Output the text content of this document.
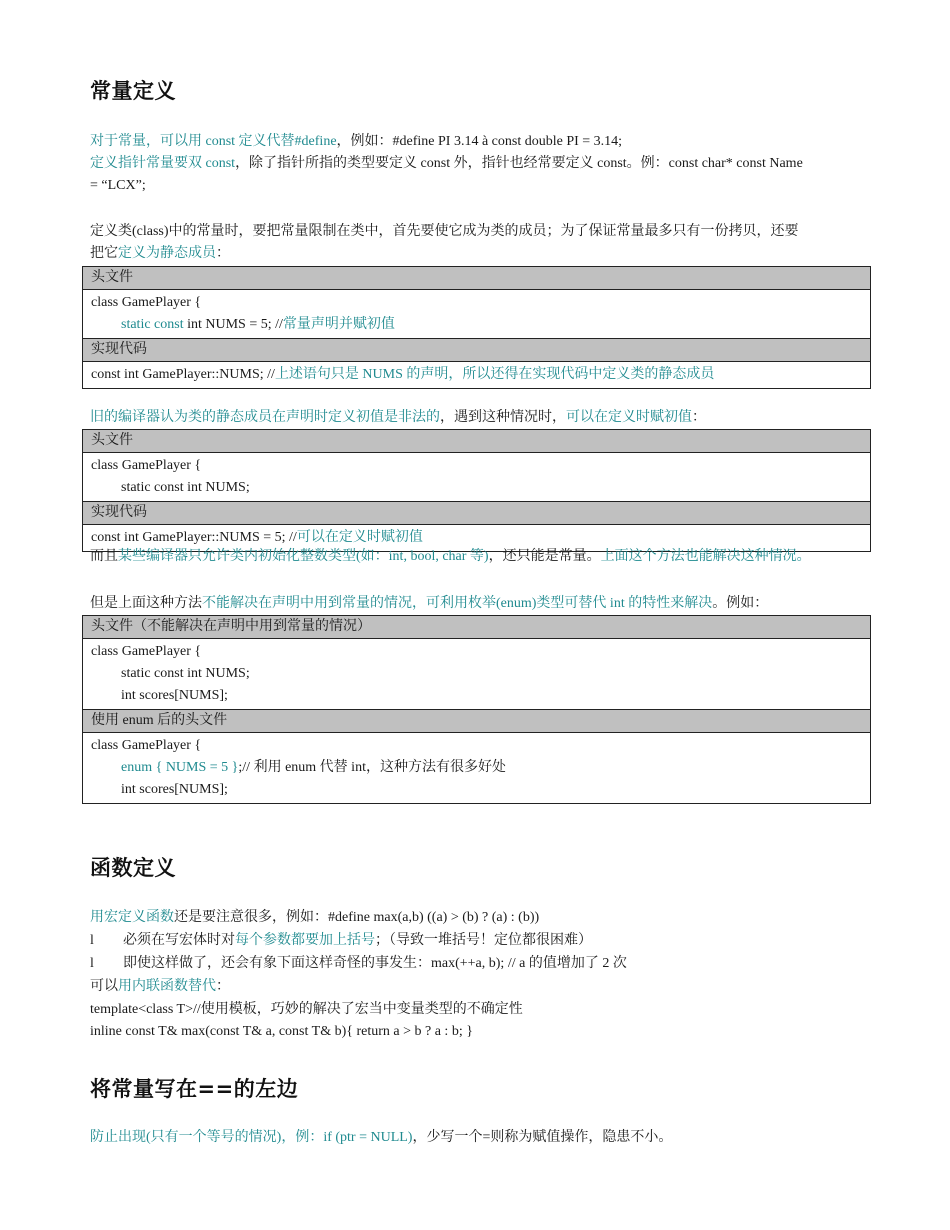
常量定义
对于常量，可以用 const 定义代替#define，例如：#define PI 3.14 à const double PI = 3.14;
定义指针常量要双 const，除了指针所指的类型要定义 const 外，指针也经常要定义 const。例：const char* const Name
= “LCX”;
定义类(class)中的常量时，要把常量限制在类中，首先要使它成为类的成员；为了保证常量最多只有一份拷贝，还要
把它定义为静态成员：
头文件
class GamePlayer {
static const int NUMS = 5; //常量声明并赋初值
实现代码
const int GamePlayer::NUMS; //上述语句只是 NUMS 的声明，所以还得在实现代码中定义类的静态成员
旧的编译器认为类的静态成员在声明时定义初值是非法的，遇到这种情况时，可以在定义时赋初值：
头文件
class GamePlayer {
static const int NUMS;
实现代码
const int GamePlayer::NUMS = 5; //可以在定义时赋初值
而且某些编译器只允许类内初始化整数类型(如：int, bool, char 等)，还只能是常量。上面这个方法也能解决这种情况。
但是上面这种方法不能解决在声明中用到常量的情况，可利用枚举(enum)类型可替代 int 的特性来解决。例如：
头文件（不能解决在声明中用到常量的情况）
class GamePlayer {
static const int NUMS;
int scores[NUMS];
使用 enum 后的头文件
class GamePlayer {
enum { NUMS = 5 };// 利用 enum 代替 int，这种方法有很多好处
int scores[NUMS];
函数定义
用宏定义函数还是要注意很多，例如：#define max(a,b) ((a) > (b) ? (a) : (b))
l 必须在写宏体时对每个参数都要加上括号；（导致一堆括号！定位都很困难）
l 即使这样做了，还会有象下面这样奇怪的事发生：max(++a, b); // a 的值增加了 2 次
可以用内联函数替代：
template<class T>//使用模板，巧妙的解决了宏当中变量类型的不确定性
inline const T& max(const T& a, const T& b){ return a > b ? a : b; }
将常量写在==的左边
防止出现(只有一个等号的情况)，例：if (ptr = NULL)，少写一个=则称为赋值操作，隐患不小。
